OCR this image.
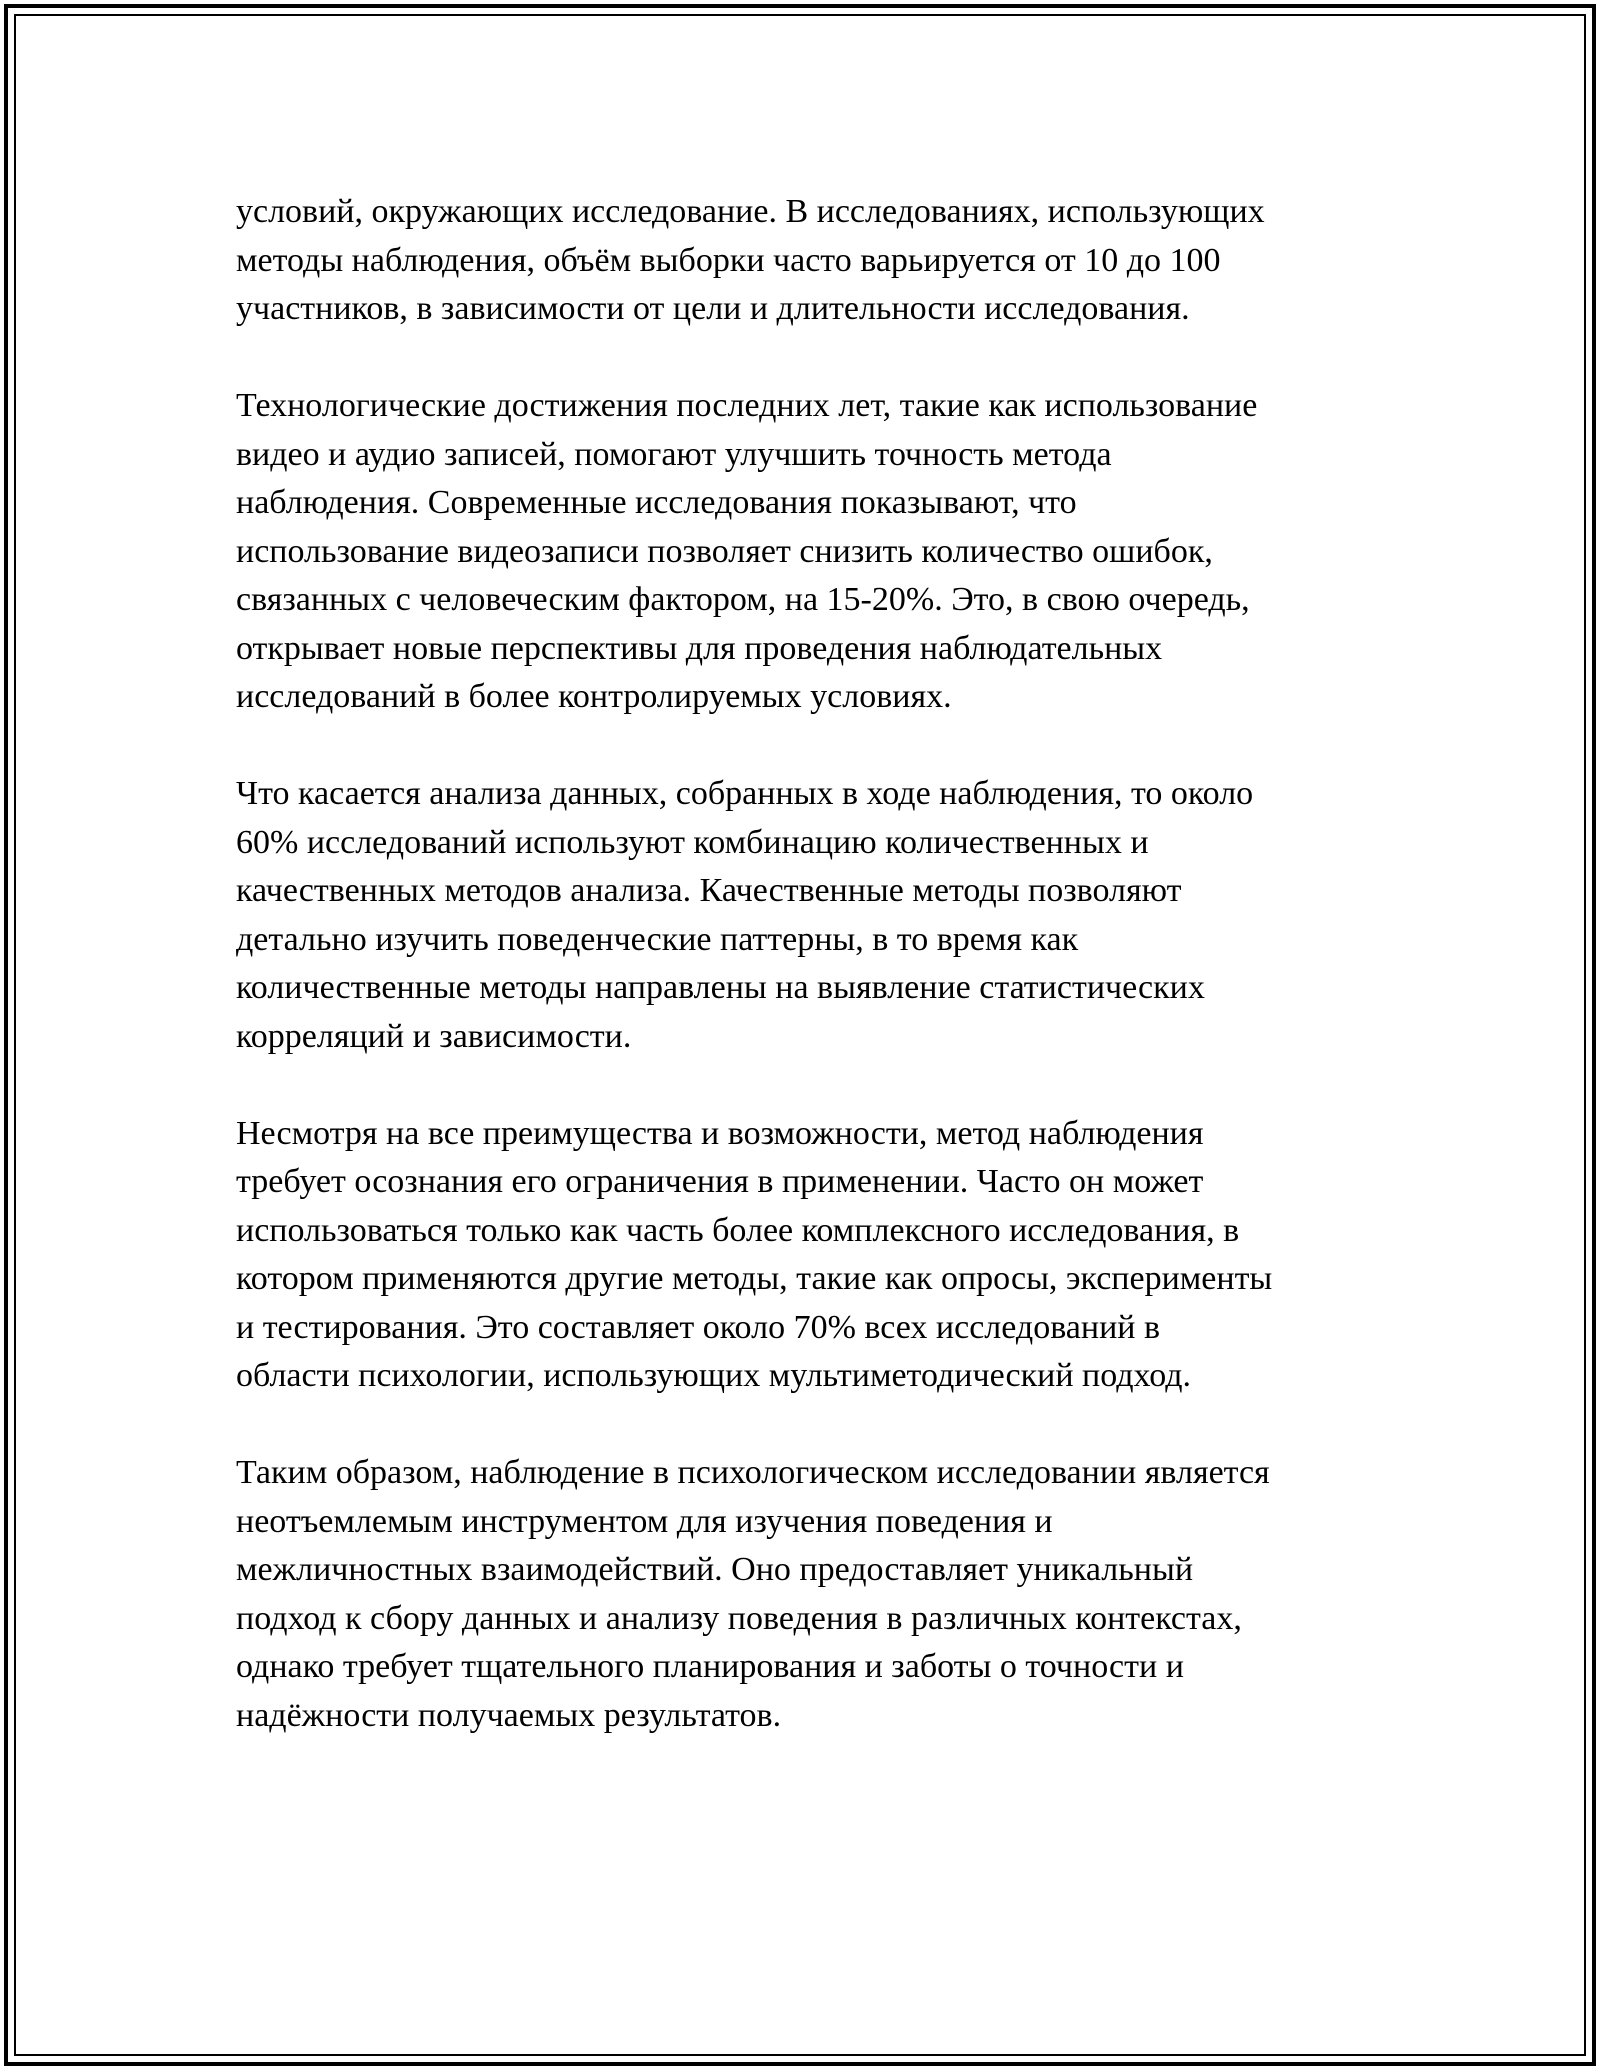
условий, окружающих исследование. В исследованиях, использующих
методы наблюдения, объём выборки часто варьируется от 10 до 100
участников, в зависимости от цели и длительности исследования.
Технологические достижения последних лет, такие как использование
видео и аудио записей, помогают улучшить точность метода
наблюдения. Современные исследования показывают, что
использование видеозаписи позволяет снизить количество ошибок,
связанных с человеческим фактором, на 15-20%. Это, в свою очередь,
открывает новые перспективы для проведения наблюдательных
исследований в более контролируемых условиях.
Что касается анализа данных, собранных в ходе наблюдения, то около
60% исследований используют комбинацию количественных и
качественных методов анализа. Качественные методы позволяют
детально изучить поведенческие паттерны, в то время как
количественные методы направлены на выявление статистических
корреляций и зависимости.
Несмотря на все преимущества и возможности, метод наблюдения
требует осознания его ограничения в применении. Часто он может
использоваться только как часть более комплексного исследования, в
котором применяются другие методы, такие как опросы, эксперименты
и тестирования. Это составляет около 70% всех исследований в
области психологии, использующих мультиметодический подход.
Таким образом, наблюдение в психологическом исследовании является
неотъемлемым инструментом для изучения поведения и
межличностных взаимодействий. Оно предоставляет уникальный
подход к сбору данных и анализу поведения в различных контекстах,
однако требует тщательного планирования и заботы о точности и
надёжности получаемых результатов.
